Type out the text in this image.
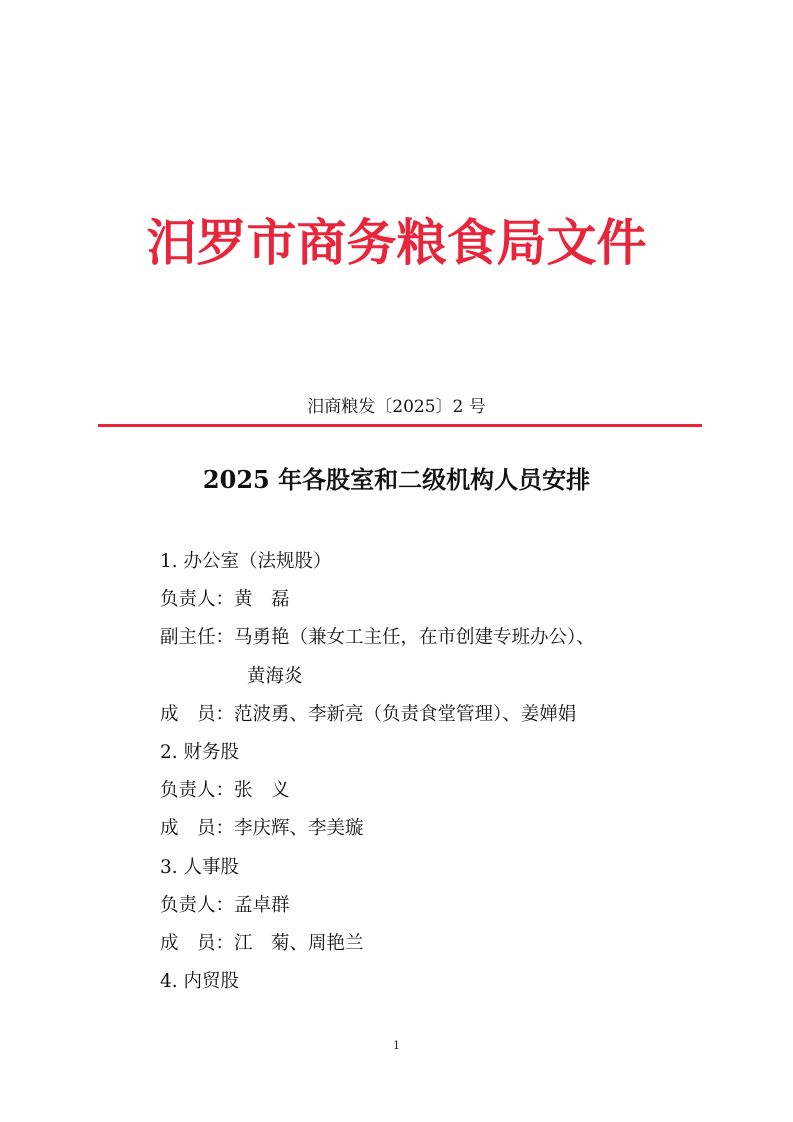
汨罗市商务粮食局文件
汨商粮发〔2025〕2 号
2025 年各股室和二级机构人员安排
1. 办公室（法规股）
负责人：黄　磊
副主任：马勇艳（兼女工主任，在市创建专班办公）、
黄海炎
成　员：范波勇、李新亮（负责食堂管理）、姜婵娟
2. 财务股
负责人：张　义
成　员：李庆辉、李美璇
3. 人事股
负责人：孟卓群
成　员：江　菊、周艳兰
4. 内贸股
1
